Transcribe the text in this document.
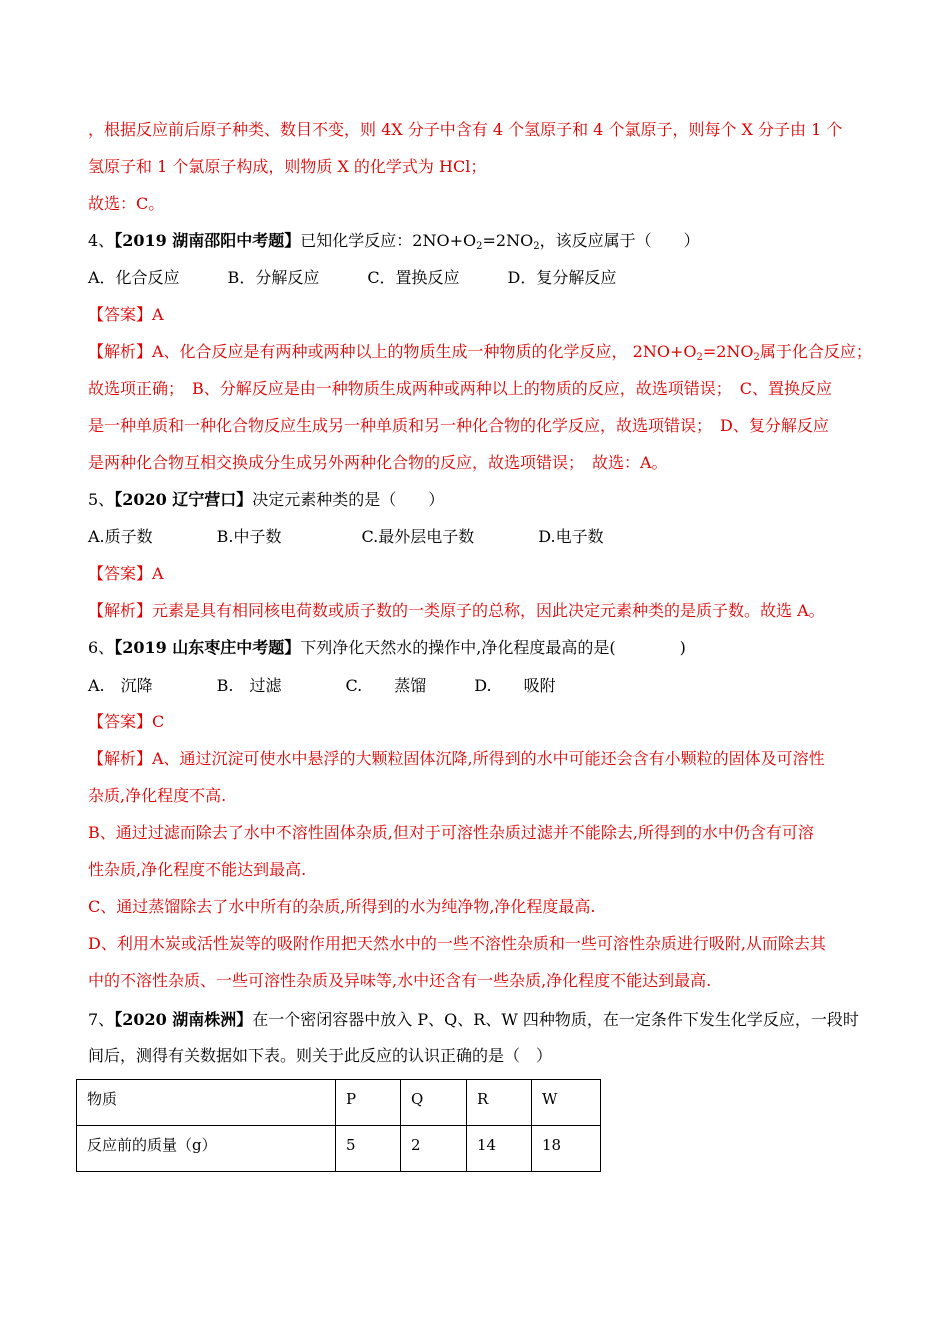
，根据反应前后原子种类、数目不变，则 4X 分子中含有 4 个氢原子和 4 个氯原子，则每个 X 分子由 1 个
氢原子和 1 个氯原子构成，则物质 X 的化学式为 HCl；
故选：C。
4、【2019 湖南邵阳中考题】已知化学反应：$2NO+O_2=2NO_2$，该反应属于（　　）
A．化合反应　　　B．分解反应　　　C．置换反应　　　D．复分解反应
【答案】A
【解析】A、化合反应是有两种或两种以上的物质生成一种物质的化学反应， $2NO+O_2=2NO_2$属于化合反应；
故选项正确；　B、分解反应是由一种物质生成两种或两种以上的物质的反应，故选项错误；　C、置换反应
是一种单质和一种化合物反应生成另一种单质和另一种化合物的化学反应，故选项错误；　D、复分解反应
是两种化合物互相交换成分生成另外两种化合物的反应，故选项错误；　故选：A。
5、【2020 辽宁营口】决定元素种类的是（　　）
A.质子数　　　　B.中子数　　　　　C.最外层电子数　　　　D.电子数
【答案】A
【解析】元素是具有相同核电荷数或质子数的一类原子的总称，因此决定元素种类的是质子数。故选 A。
6、【2019 山东枣庄中考题】下列净化天然水的操作中,净化程度最高的是(　　　　)
A.　沉降　　　　B.　过滤　　　　C.　　蒸馏　　　D.　　吸附
【答案】C
【解析】A、通过沉淀可使水中悬浮的大颗粒固体沉降,所得到的水中可能还会含有小颗粒的固体及可溶性
杂质,净化程度不高.
B、通过过滤而除去了水中不溶性固体杂质,但对于可溶性杂质过滤并不能除去,所得到的水中仍含有可溶
性杂质,净化程度不能达到最高.
C、通过蒸馏除去了水中所有的杂质,所得到的水为纯净物,净化程度最高.
D、利用木炭或活性炭等的吸附作用把天然水中的一些不溶性杂质和一些可溶性杂质进行吸附,从而除去其
中的不溶性杂质、一些可溶性杂质及异味等,水中还含有一些杂质,净化程度不能达到最高.
7、【2020 湖南株洲】在一个密闭容器中放入 P、Q、R、W 四种物质，在一定条件下发生化学反应，一段时
间后，测得有关数据如下表。则关于此反应的认识正确的是（　）
物质	P	Q	R	W
反应前的质量（g）	5	2	14	18
